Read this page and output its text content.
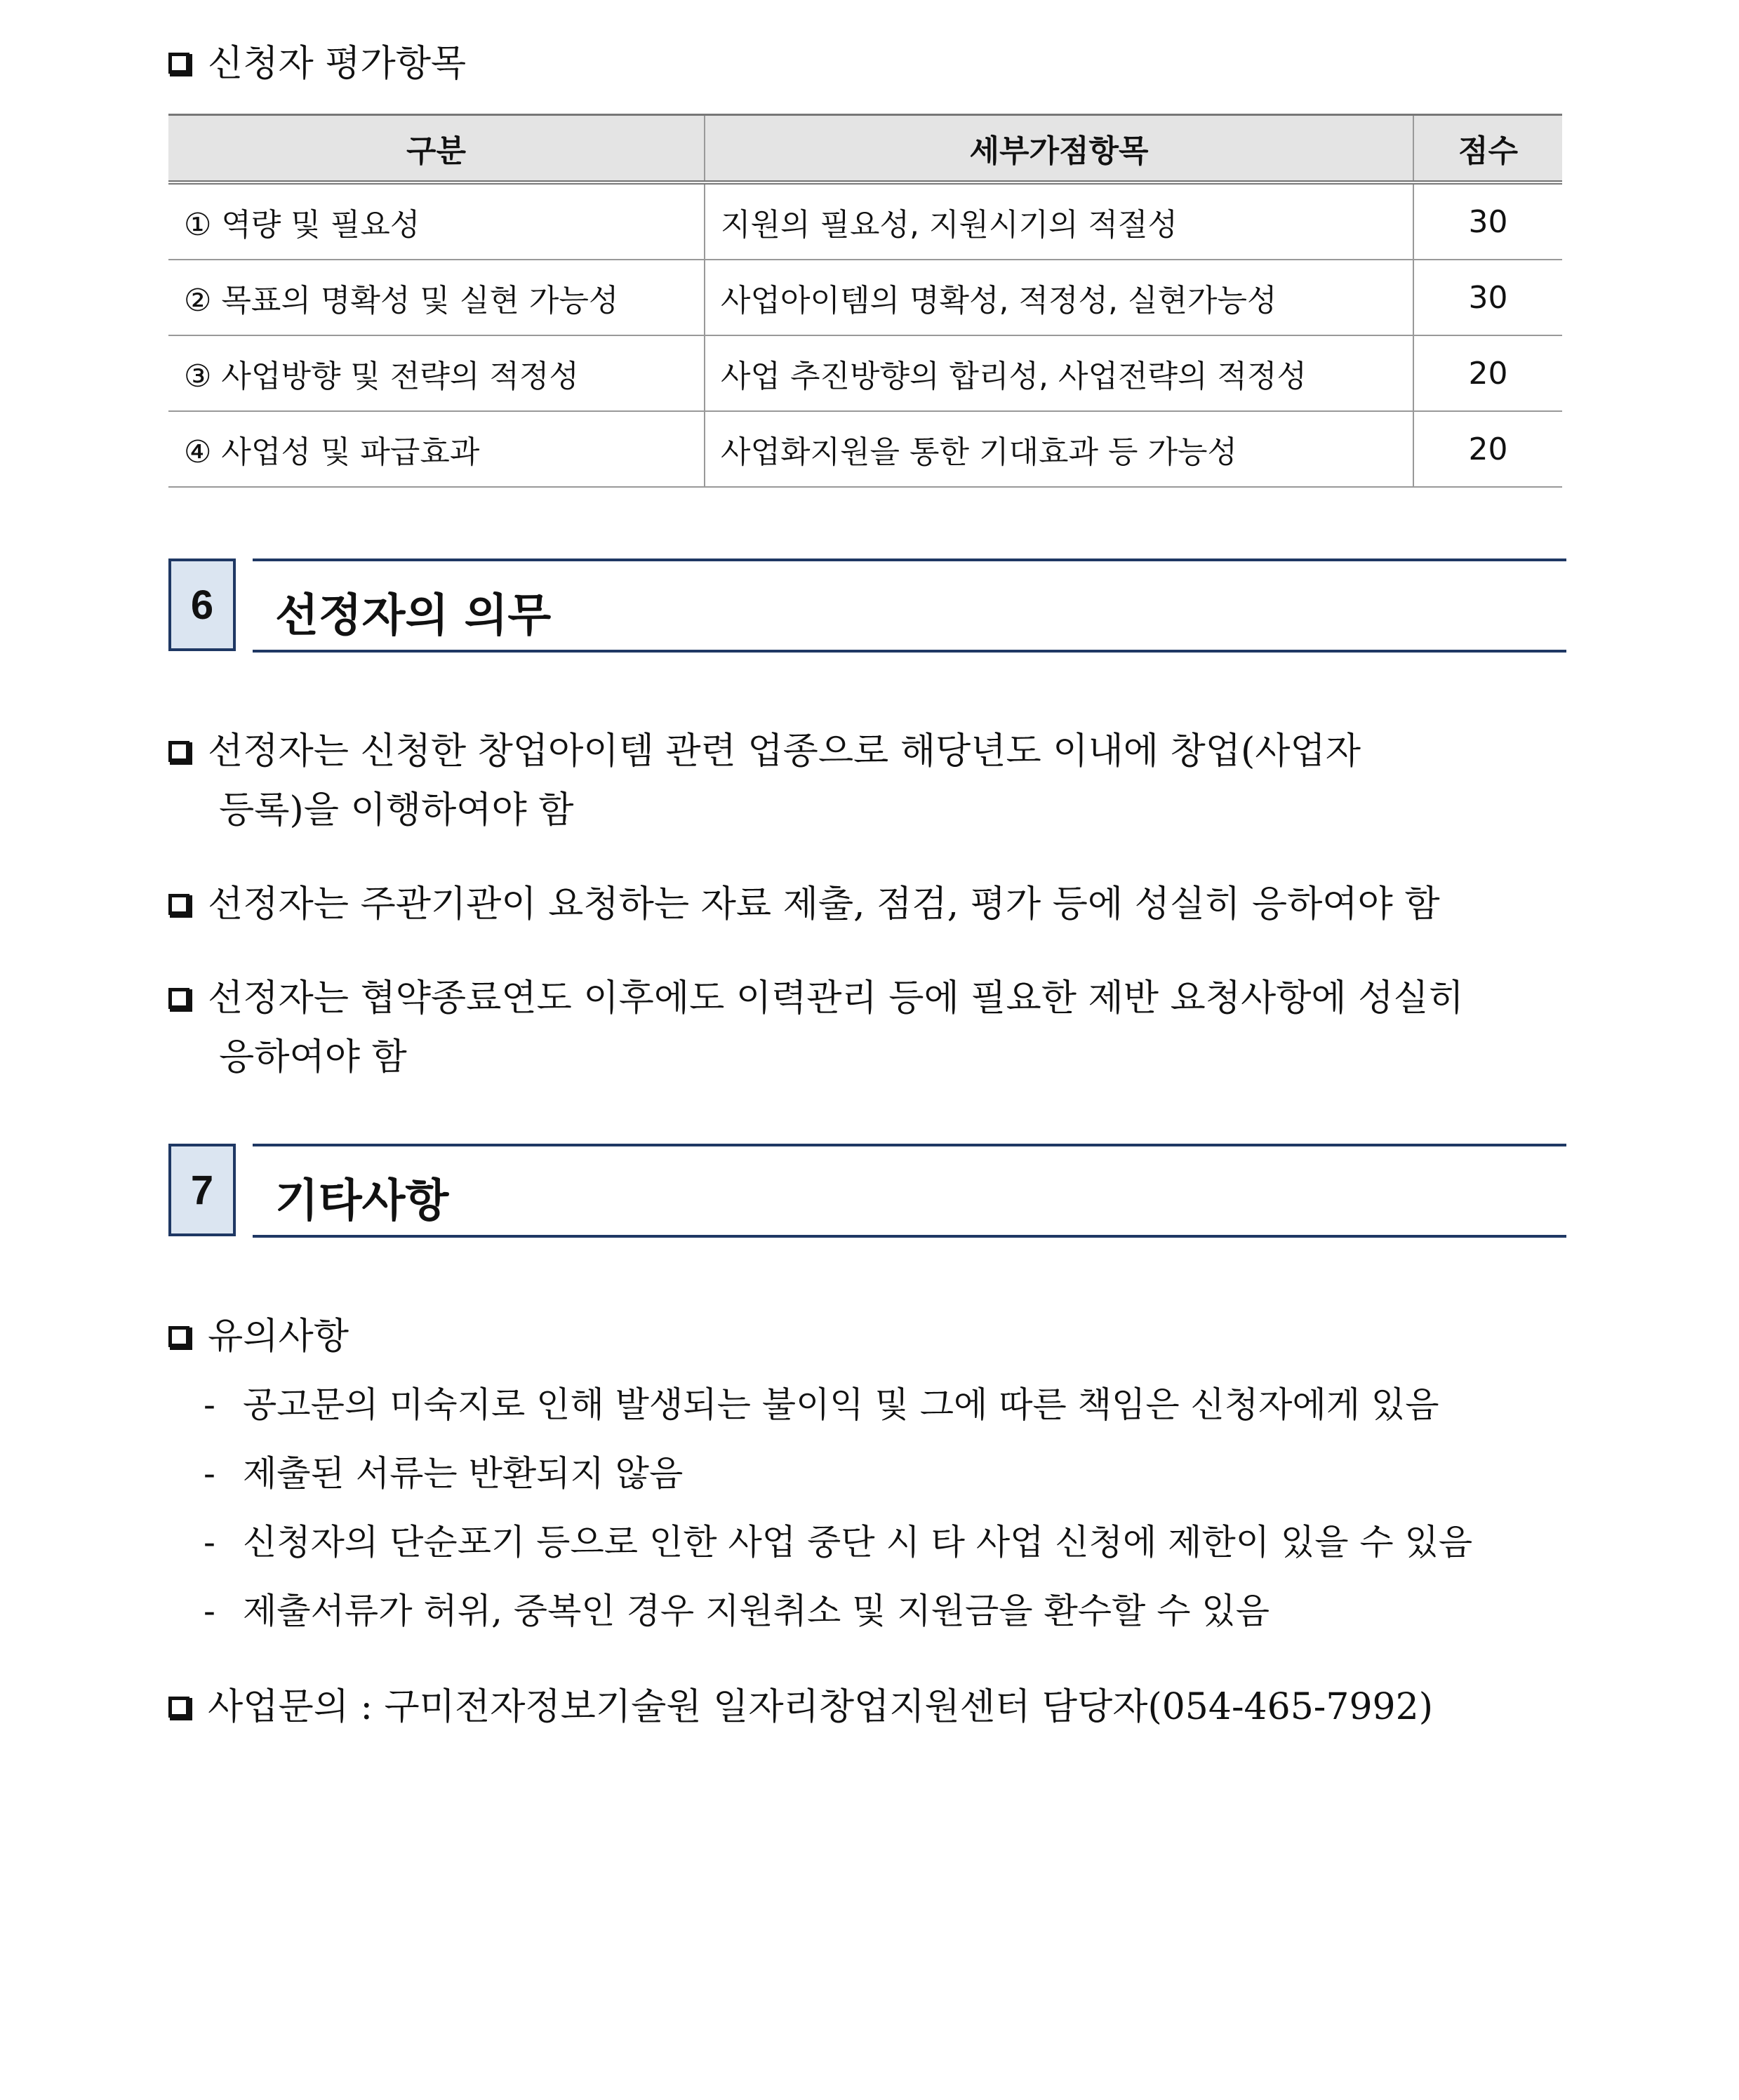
신청자 평가항목
구분	세부가점항목	점수
① 역량 및 필요성	지원의 필요성, 지원시기의 적절성	30
② 목표의 명확성 및 실현 가능성	사업아이템의 명확성, 적정성, 실현가능성	30
③ 사업방향 및 전략의 적정성	사업 추진방향의 합리성, 사업전략의 적정성	20
④ 사업성 및 파급효과	사업화지원을 통한 기대효과 등 가능성	20
6	선정자의 의무
선정자는 신청한 창업아이템 관련 업종으로 해당년도 이내에 창업(사업자
등록)을 이행하여야 함
선정자는 주관기관이 요청하는 자료 제출, 점검, 평가 등에 성실히 응하여야 함
선정자는 협약종료연도 이후에도 이력관리 등에 필요한 제반 요청사항에 성실히
응하여야 함
7	기타사항
유의사항
- 공고문의 미숙지로 인해 발생되는 불이익 및 그에 따른 책임은 신청자에게 있음
- 제출된 서류는 반환되지 않음
- 신청자의 단순포기 등으로 인한 사업 중단 시 타 사업 신청에 제한이 있을 수 있음
- 제출서류가 허위, 중복인 경우 지원취소 및 지원금을 환수할 수 있음
사업문의 : 구미전자정보기술원 일자리창업지원센터 담당자(054-465-7992)
